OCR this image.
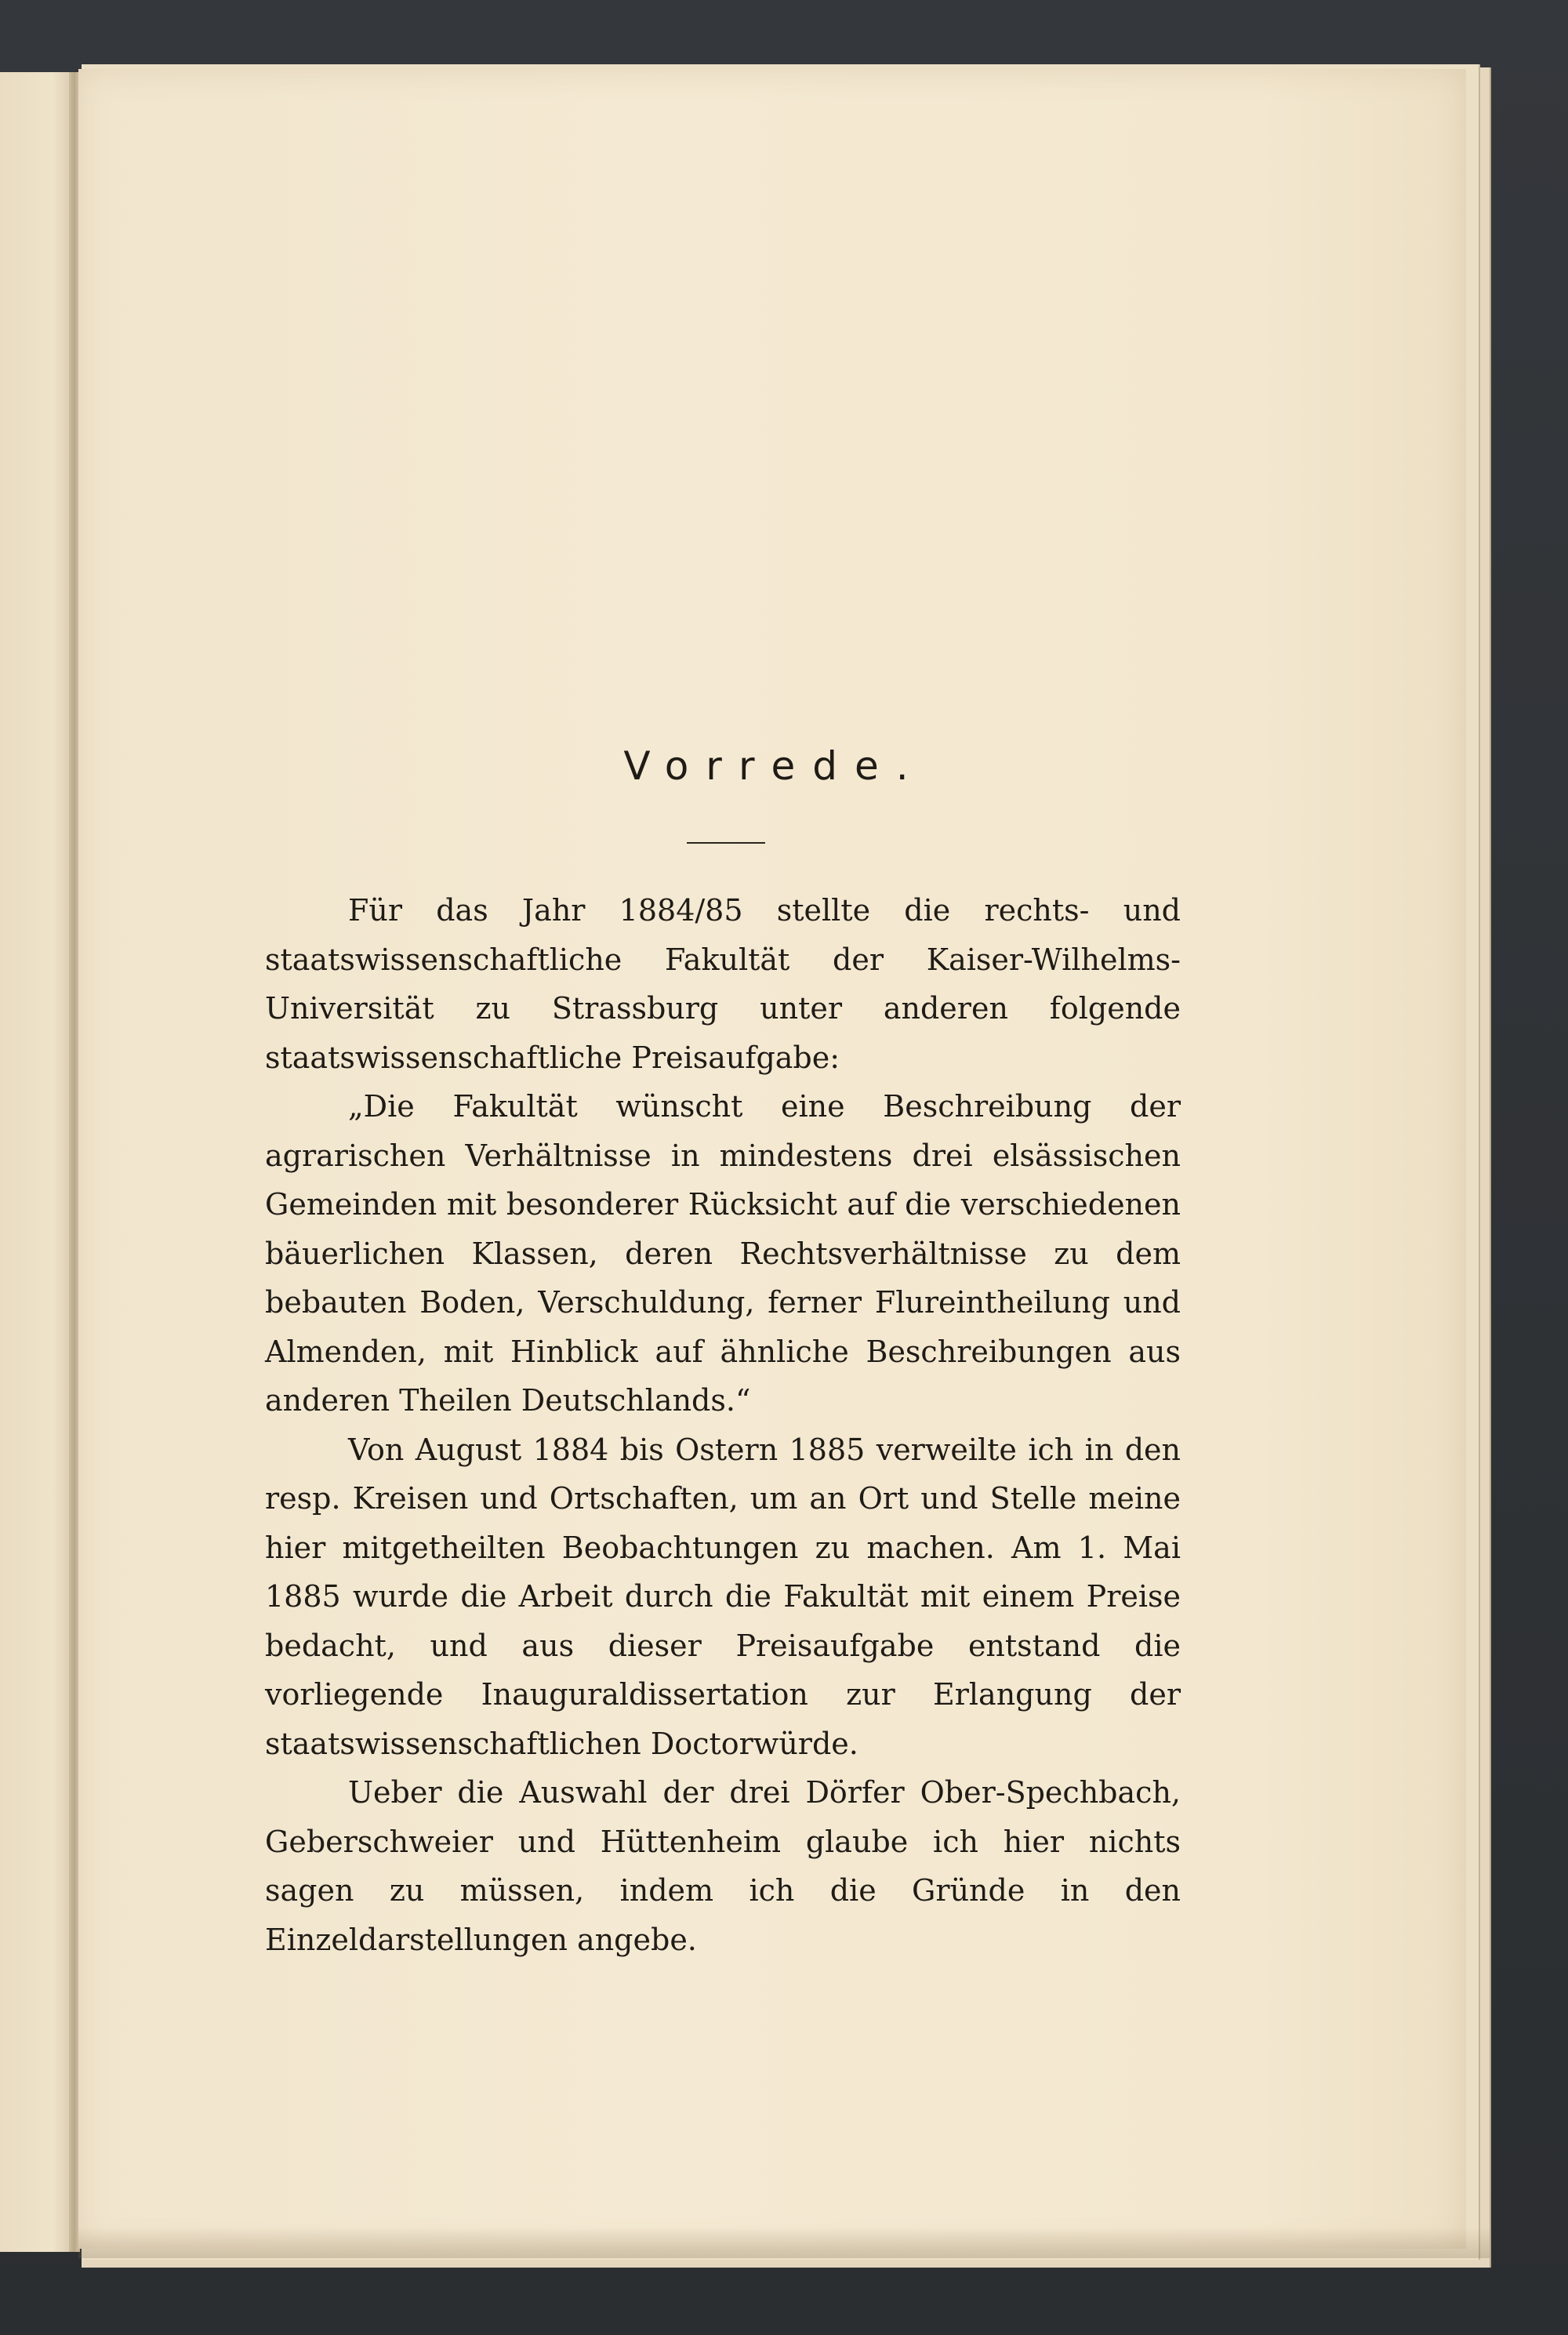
Vorrede.

Für das Jahr 1884/85 stellte die rechts- und staatswissenschaftliche Fakultät der Kaiser-Wilhelms-Universität zu Strassburg unter anderen folgende staatswissenschaftliche Preisaufgabe:

„Die Fakultät wünscht eine Beschreibung der agrarischen Verhältnisse in mindestens drei elsässischen Gemeinden mit besonderer Rücksicht auf die verschiedenen bäuerlichen Klassen, deren Rechtsverhältnisse zu dem bebauten Boden, Verschuldung, ferner Flureintheilung und Almenden, mit Hinblick auf ähnliche Beschreibungen aus anderen Theilen Deutschlands.“

Von August 1884 bis Ostern 1885 verweilte ich in den resp. Kreisen und Ortschaften, um an Ort und Stelle meine hier mitgetheilten Beobachtungen zu machen. Am 1. Mai 1885 wurde die Arbeit durch die Fakultät mit einem Preise bedacht, und aus dieser Preisaufgabe entstand die vorliegende Inauguraldissertation zur Erlangung der staatswissenschaftlichen Doctorwürde.

Ueber die Auswahl der drei Dörfer Ober-Spechbach, Geberschweier und Hüttenheim glaube ich hier nichts sagen zu müssen, indem ich die Gründe in den Einzeldarstellungen angebe.
